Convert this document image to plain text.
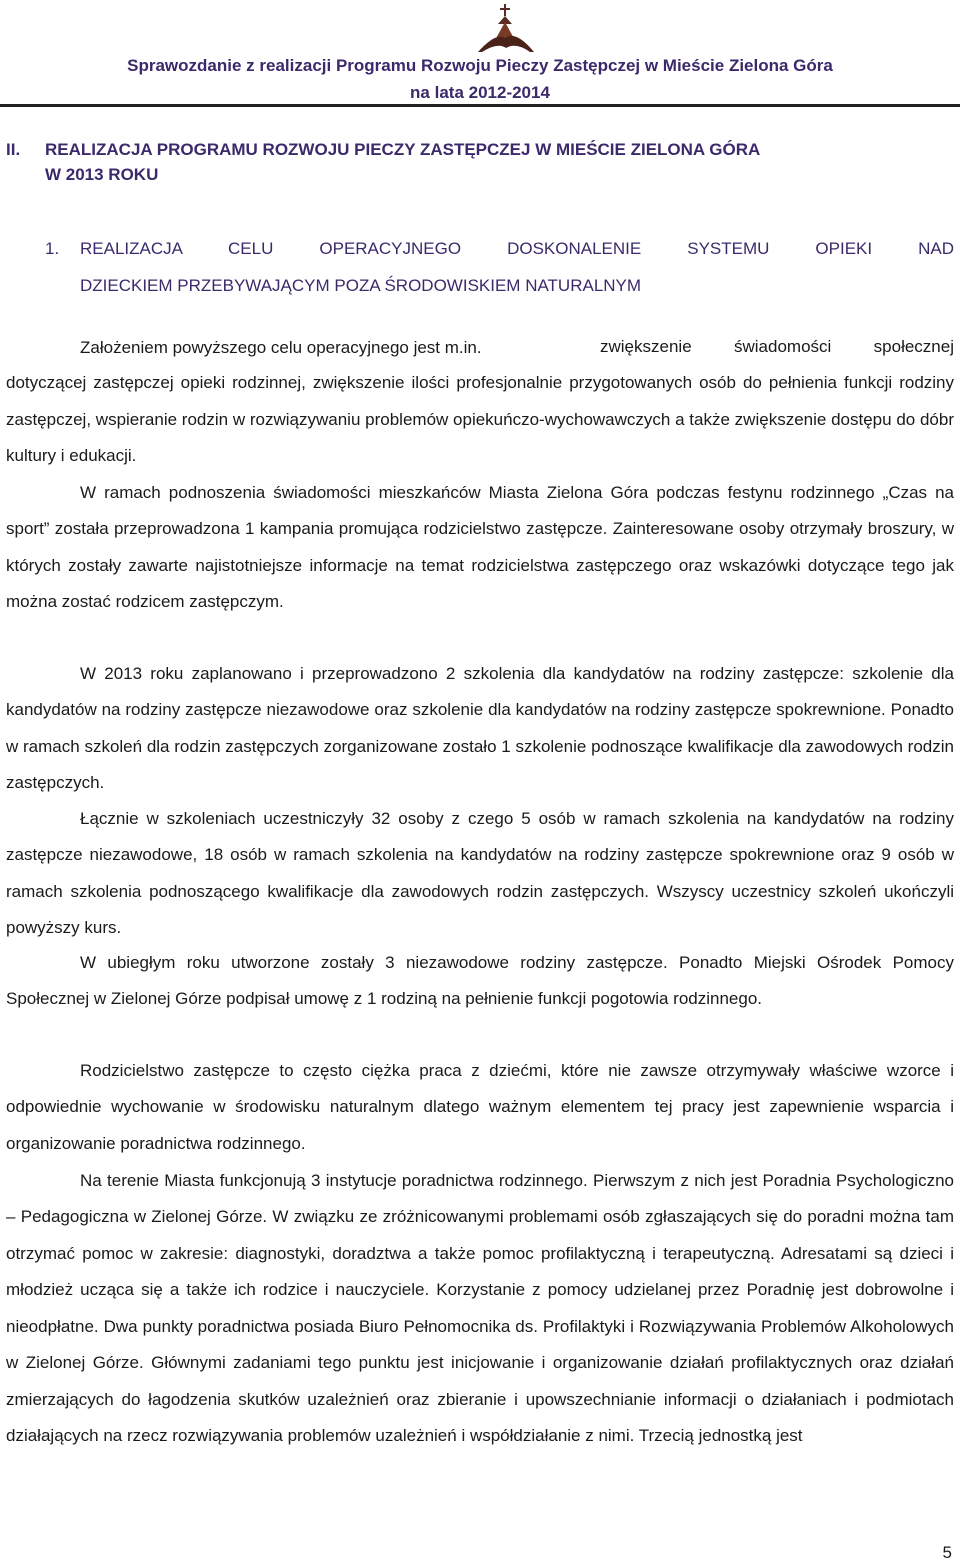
Sprawozdanie z realizacji Programu Rozwoju Pieczy Zastępczej w Mieście Zielona Góra
na lata 2012-2014
II. REALIZACJA PROGRAMU ROZWOJU PIECZY ZASTĘPCZEJ W MIEŚCIE ZIELONA GÓRA
W 2013 ROKU
1. REALIZACJA CELU OPERACYJNEGO DOSKONALENIE SYSTEMU OPIEKI NAD
DZIECKIEM PRZEBYWAJĄCYM POZA ŚRODOWISKIEM NATURALNYM
Założeniem powyższego celu operacyjnego jest m.in.	zwiększenie świadomości społecznej dotyczącej zastępczej opieki rodzinnej, zwiększenie ilości profesjonalnie przygotowanych osób do pełnienia funkcji rodziny zastępczej, wspieranie rodzin w rozwiązywaniu problemów opiekuńczo-wychowawczych a także zwiększenie dostępu do dóbr kultury i edukacji.
W ramach podnoszenia świadomości mieszkańców Miasta Zielona Góra podczas festynu rodzinnego „Czas na sport” została przeprowadzona 1 kampania promująca rodzicielstwo zastępcze. Zainteresowane osoby otrzymały broszury, w których zostały zawarte najistotniejsze informacje na temat rodzicielstwa zastępczego oraz wskazówki dotyczące tego jak można zostać rodzicem zastępczym.
W 2013 roku zaplanowano i przeprowadzono 2 szkolenia dla kandydatów na rodziny zastępcze: szkolenie dla kandydatów na rodziny zastępcze niezawodowe oraz szkolenie dla kandydatów na rodziny zastępcze spokrewnione. Ponadto w ramach szkoleń dla rodzin zastępczych zorganizowane zostało 1 szkolenie podnoszące kwalifikacje dla zawodowych rodzin zastępczych.
Łącznie w szkoleniach uczestniczyły 32 osoby z czego 5 osób w ramach szkolenia na kandydatów na rodziny zastępcze niezawodowe, 18 osób w ramach szkolenia na kandydatów na rodziny zastępcze spokrewnione oraz 9 osób w ramach szkolenia podnoszącego kwalifikacje dla zawodowych rodzin zastępczych. Wszyscy uczestnicy szkoleń ukończyli powyższy kurs.
W ubiegłym roku utworzone zostały 3 niezawodowe rodziny zastępcze. Ponadto Miejski Ośrodek Pomocy Społecznej w Zielonej Górze podpisał umowę z 1 rodziną na pełnienie funkcji pogotowia rodzinnego.
Rodzicielstwo zastępcze to często ciężka praca z dziećmi, które nie zawsze otrzymywały właściwe wzorce i odpowiednie wychowanie w środowisku naturalnym dlatego ważnym elementem tej pracy jest zapewnienie wsparcia i organizowanie poradnictwa rodzinnego.
Na terenie Miasta funkcjonują 3 instytucje poradnictwa rodzinnego. Pierwszym z nich jest Poradnia Psychologiczno – Pedagogiczna w Zielonej Górze. W związku ze zróżnicowanymi problemami osób zgłaszających się do poradni można tam otrzymać pomoc w zakresie: diagnostyki, doradztwa a także pomoc profilaktyczną i terapeutyczną. Adresatami są dzieci i młodzież ucząca się a także ich rodzice i nauczyciele. Korzystanie z pomocy udzielanej przez Poradnię jest dobrowolne i nieodpłatne. Dwa punkty poradnictwa posiada Biuro Pełnomocnika ds. Profilaktyki i Rozwiązywania Problemów Alkoholowych w Zielonej Górze. Głównymi zadaniami tego punktu jest inicjowanie i organizowanie działań profilaktycznych oraz działań zmierzających do łagodzenia skutków uzależnień oraz zbieranie i upowszechnianie informacji o działaniach i podmiotach działających na rzecz rozwiązywania problemów uzależnień i współdziałanie z nimi. Trzecią jednostką jest
5
